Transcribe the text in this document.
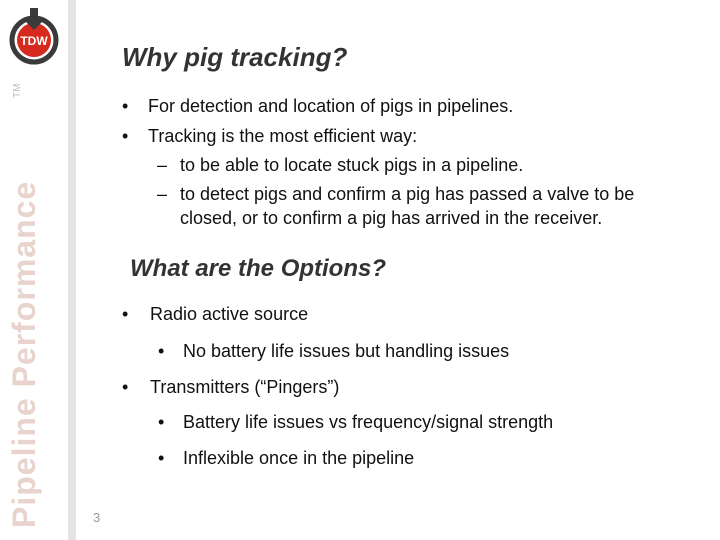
Pipeline Performance
TM
TDW
Why pig tracking?
• For detection and location of pigs in pipelines.
• Tracking is the most efficient way:
– to be able to locate stuck pigs in a pipeline.
– to detect pigs and confirm a pig has passed a valve to be
closed, or to confirm a pig has arrived in the receiver.
What are the Options?
• Radio active source
• No battery life issues but handling issues
• Transmitters (“Pingers”)
• Battery life issues vs frequency/signal strength
• Inflexible once in the pipeline
3
